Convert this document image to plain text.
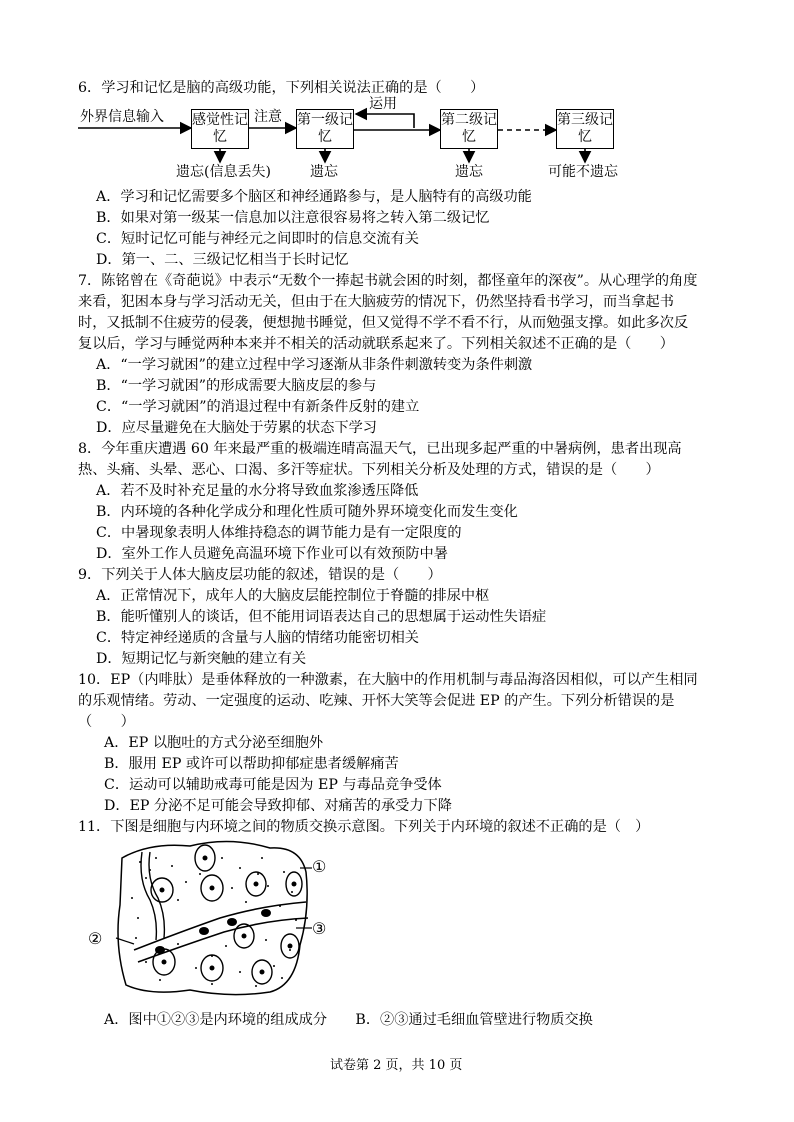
6．学习和记忆是脑的高级功能，下列相关说法正确的是（　　）
外界信息输入 感觉性记忆
注意 第一级记忆
运用
第二级记忆
第三级记忆
遗忘(信息丢失)	遗忘	遗忘	可能不遗忘
A．学习和记忆需要多个脑区和神经通路参与，是人脑特有的高级功能
B．如果对第一级某一信息加以注意很容易将之转入第二级记忆
C．短时记忆可能与神经元之间即时的信息交流有关
D．第一、二、三级记忆相当于长时记忆
7．陈铭曾在《奇葩说》中表示“无数个一捧起书就会困的时刻，都怪童年的深夜”。从心理学的角度
来看，犯困本身与学习活动无关，但由于在大脑疲劳的情况下，仍然坚持看书学习，而当拿起书
时，又抵制不住疲劳的侵袭，便想抛书睡觉，但又觉得不学不看不行，从而勉强支撑。如此多次反
复以后，学习与睡觉两种本来并不相关的活动就联系起来了。下列相关叙述不正确的是（　　）
A．“一学习就困”的建立过程中学习逐渐从非条件刺激转变为条件刺激
B．“一学习就困”的形成需要大脑皮层的参与
C．“一学习就困”的消退过程中有新条件反射的建立
D．应尽量避免在大脑处于劳累的状态下学习
8．今年重庆遭遇 60 年来最严重的极端连晴高温天气，已出现多起严重的中暑病例，患者出现高
热、头痛、头晕、恶心、口渴、多汗等症状。下列相关分析及处理的方式，错误的是（　　）
A．若不及时补充足量的水分将导致血浆渗透压降低
B．内环境的各种化学成分和理化性质可随外界环境变化而发生变化
C．中暑现象表明人体维持稳态的调节能力是有一定限度的
D．室外工作人员避免高温环境下作业可以有效预防中暑
9．下列关于人体大脑皮层功能的叙述，错误的是（　　）
A．正常情况下，成年人的大脑皮层能控制位于脊髓的排尿中枢
B．能听懂别人的谈话，但不能用词语表达自己的思想属于运动性失语症
C．特定神经递质的含量与人脑的情绪功能密切相关
D．短期记忆与新突触的建立有关
10．EP（内啡肽）是垂体释放的一种激素，在大脑中的作用机制与毒品海洛因相似，可以产生相同
的乐观情绪。劳动、一定强度的运动、吃辣、开怀大笑等会促进 EP 的产生。下列分析错误的是
（　　）
A．EP 以胞吐的方式分泌至细胞外
B．服用 EP 或许可以帮助抑郁症患者缓解痛苦
C．运动可以辅助戒毒可能是因为 EP 与毒品竞争受体
D．EP 分泌不足可能会导致抑郁、对痛苦的承受力下降
11．下图是细胞与内环境之间的物质交换示意图。下列关于内环境的叙述不正确的是（　）
①
②
③
A．图中①②③是内环境的组成成分　　B．②③通过毛细血管壁进行物质交换
试卷第 2 页，共 10 页
